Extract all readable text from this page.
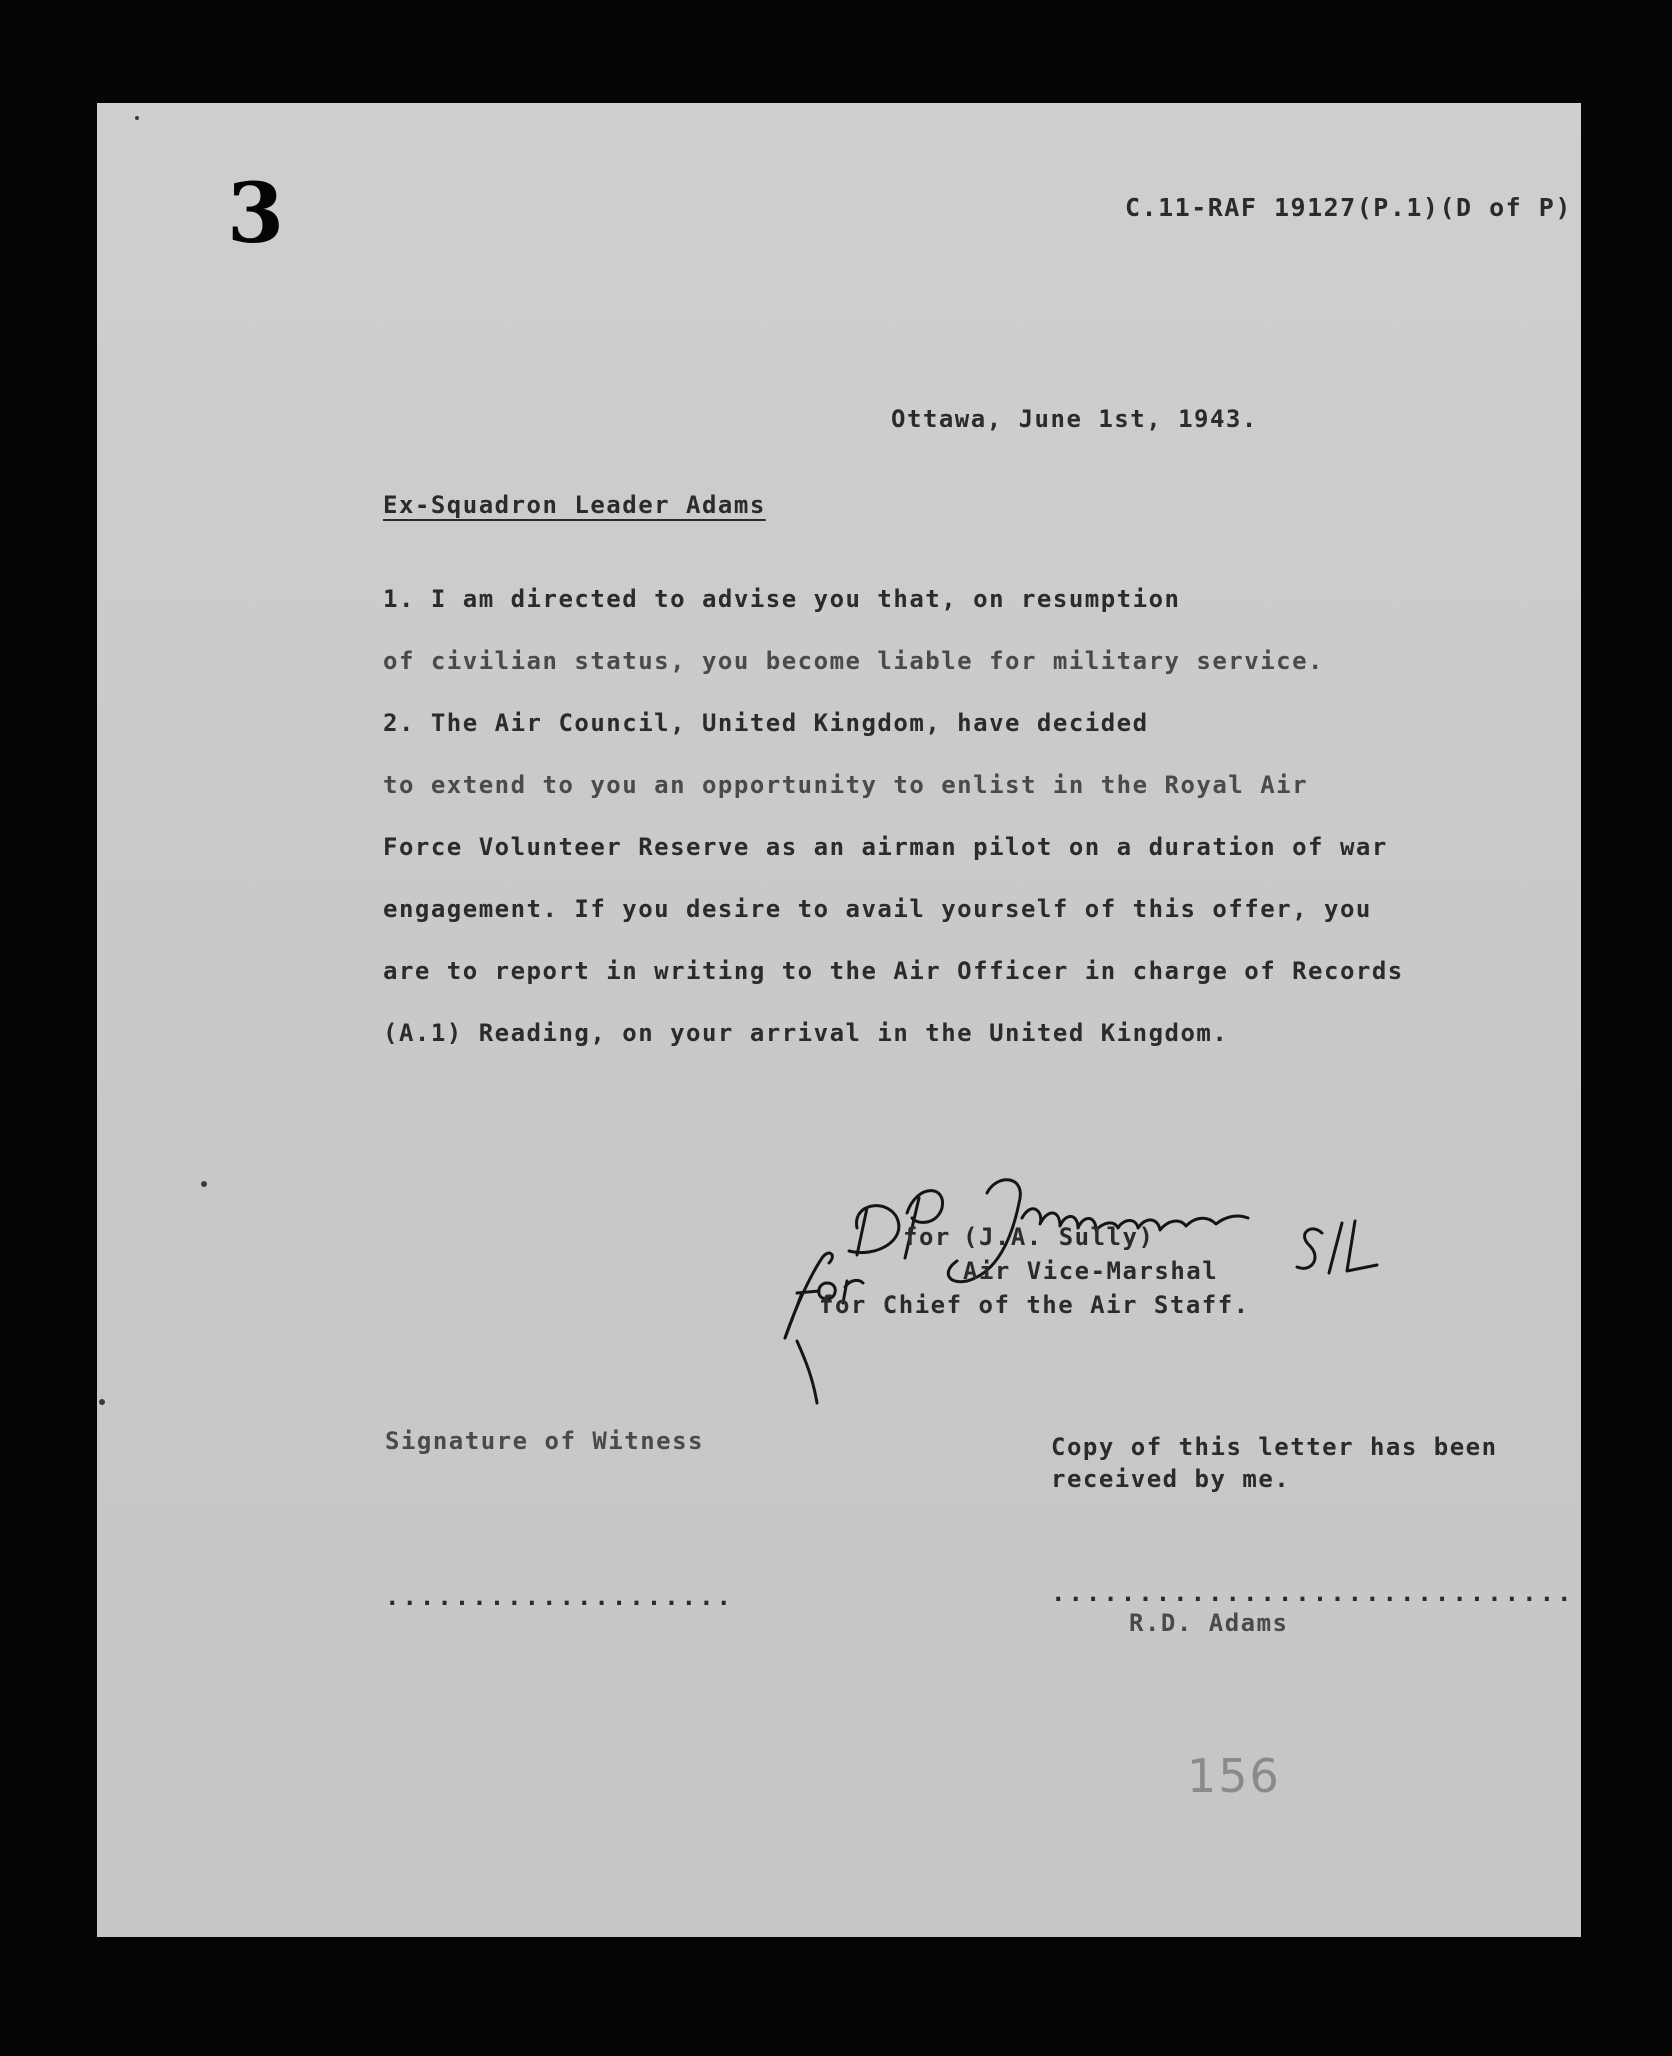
3	C.11-RAF 19127(P.1)(D of P)
Ottawa, June 1st, 1943.
Ex-Squadron Leader Adams
1. I am directed to advise you that, on resumption
of civilian status, you become liable for military service.
2. The Air Council, United Kingdom, have decided
to extend to you an opportunity to enlist in the Royal Air
Force Volunteer Reserve as an airman pilot on a duration of war
engagement. If you desire to avail yourself of this offer, you
are to report in writing to the Air Officer in charge of Records
(A.1) Reading, on your arrival in the United Kingdom.
for (J.A. Sully)
Air Vice-Marshal
for Chief of the Air Staff.
Signature of Witness
....................
Copy of this letter has been
received by me.
..............................
R.D. Adams
156
